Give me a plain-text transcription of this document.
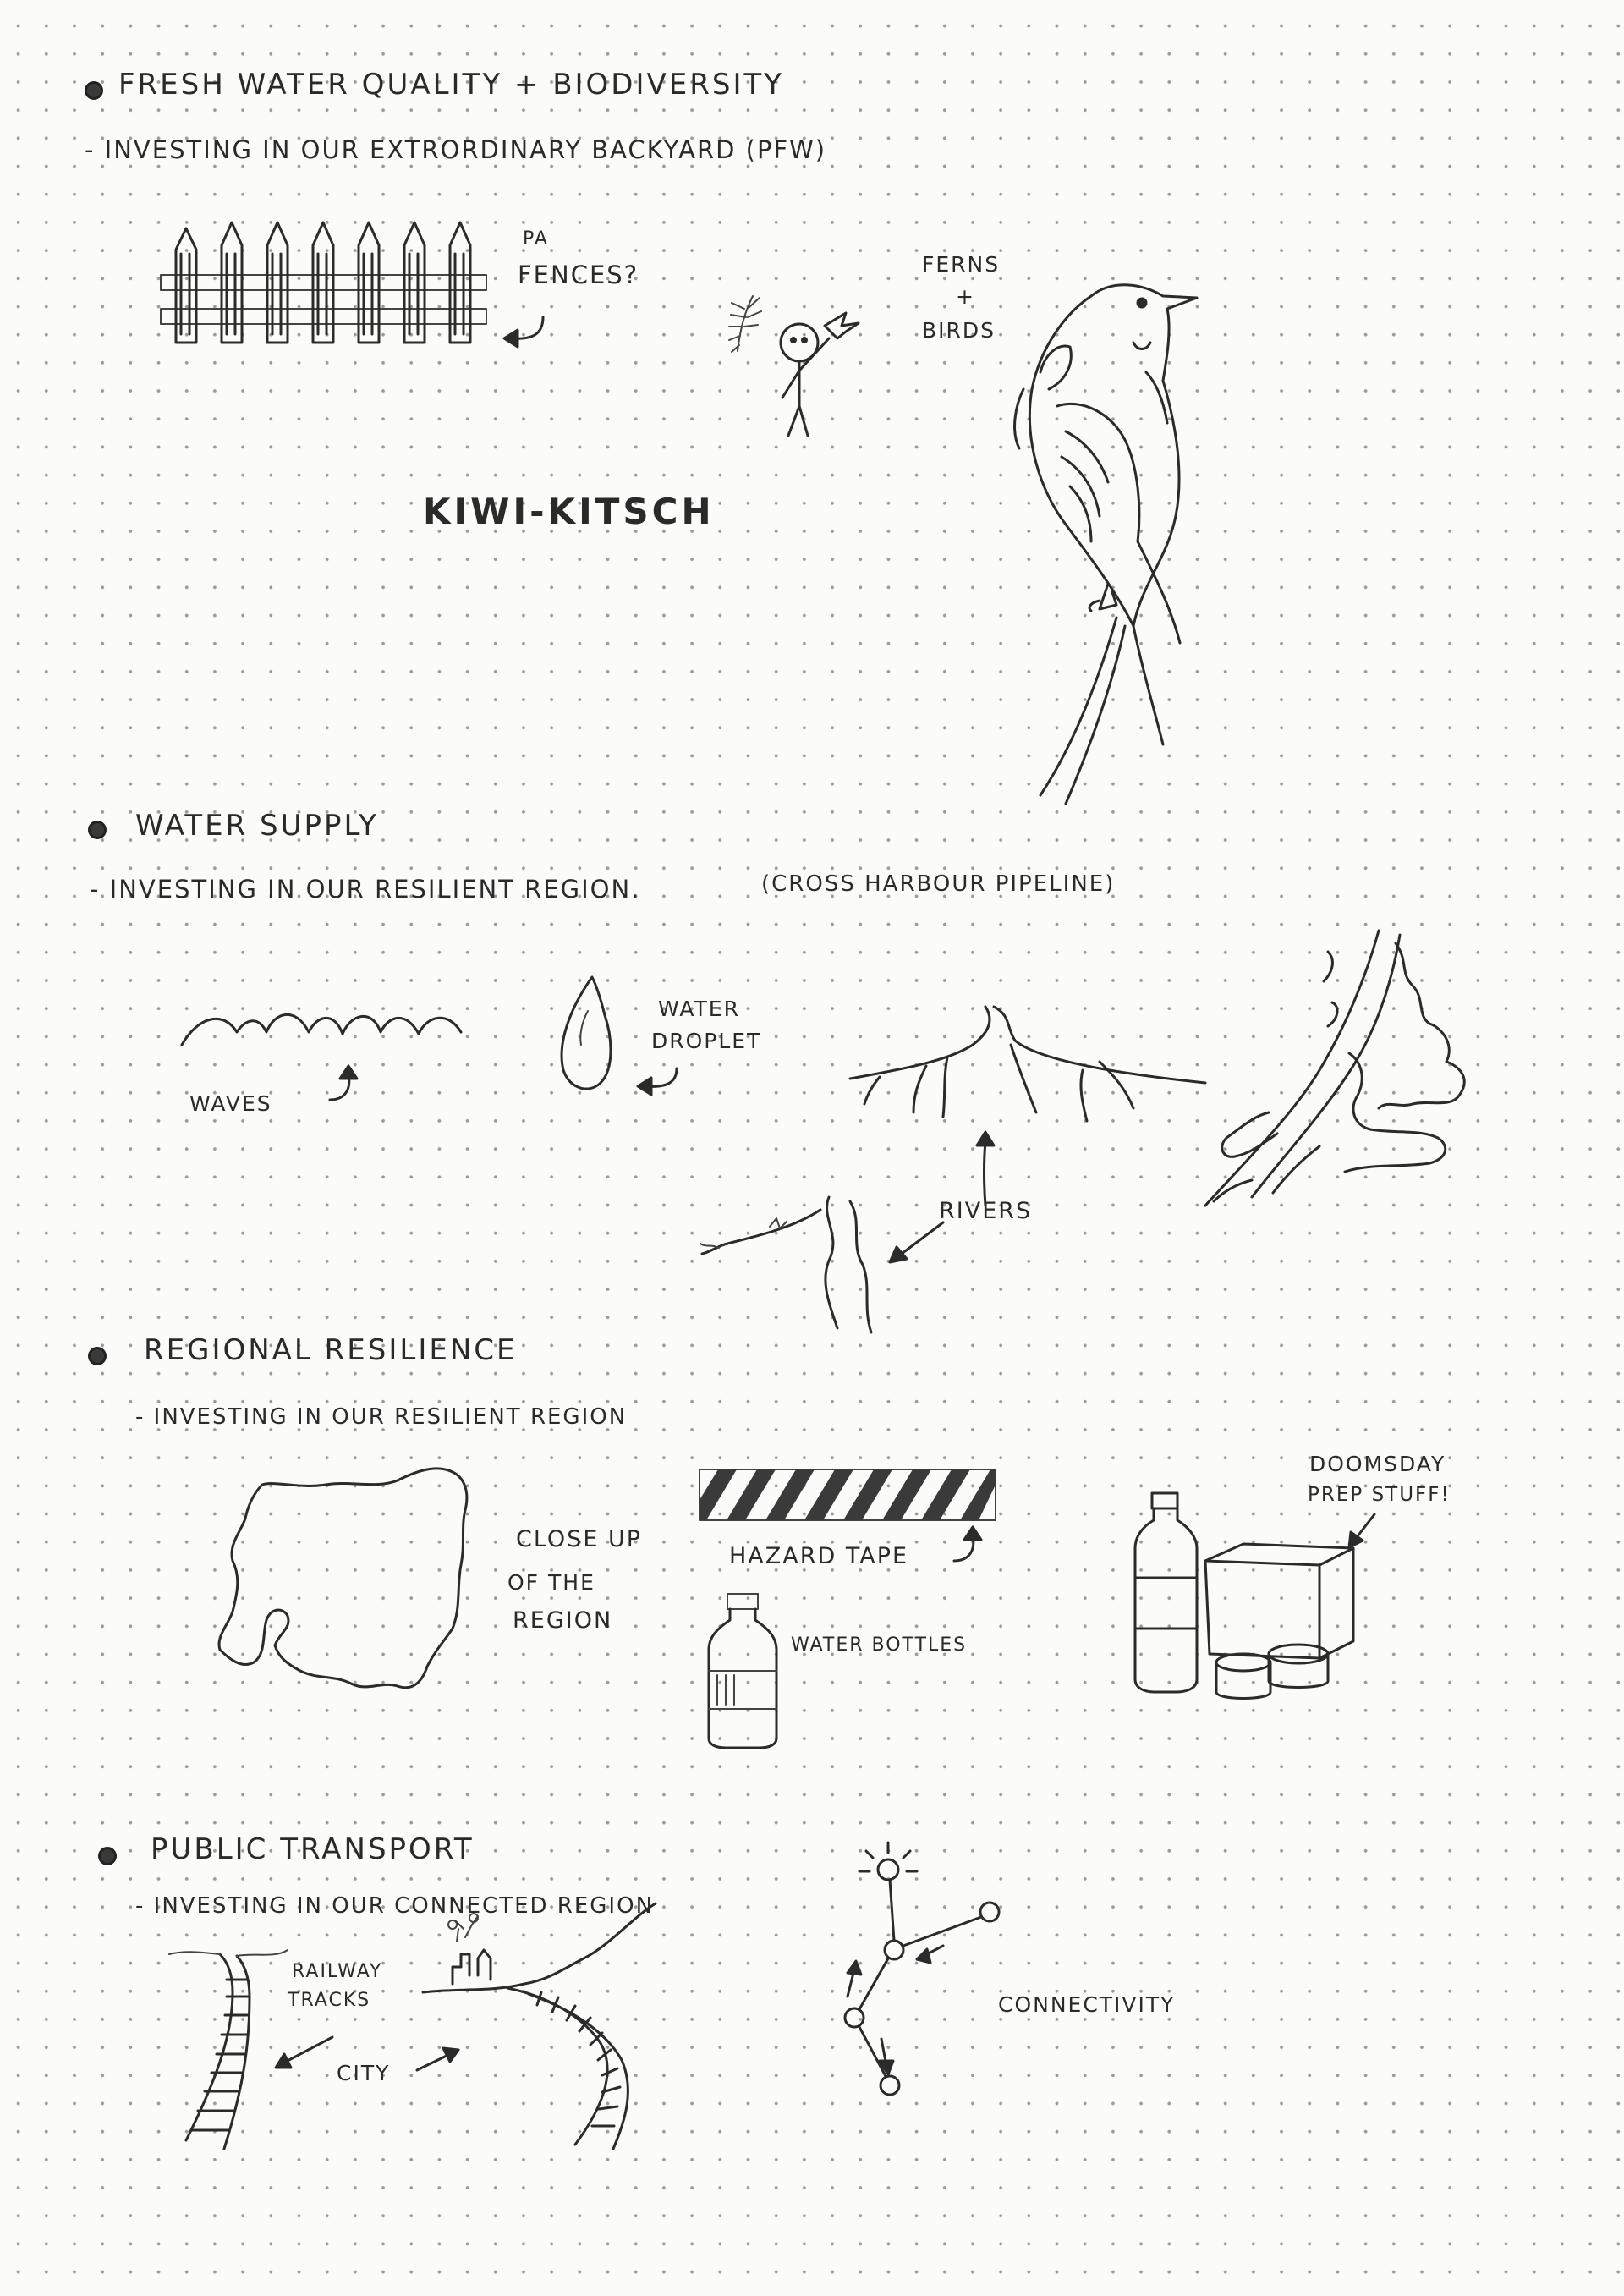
FRESH WATER QUALITY + BIODIVERSITY
- INVESTING IN OUR EXTRORDINARY BACKYARD (PFW)
PA
FENCES?	FERNS
+
BIRDS
KIWI-KITSCH
WATER SUPPLY
- INVESTING IN OUR RESILIENT REGION.	(CROSS HARBOUR PIPELINE)
WAVES
WATER
DROPLET
RIVERS
REGIONAL RESILIENCE
- INVESTING IN OUR RESILIENT REGION
CLOSE UP
OF THE
REGION
HAZARD TAPE
WATER BOTTLES
DOOMSDAY
PREP STUFF!
PUBLIC TRANSPORT
- INVESTING IN OUR CONNECTED REGION
RAILWAY
TRACKS
CITY
CONNECTIVITY
